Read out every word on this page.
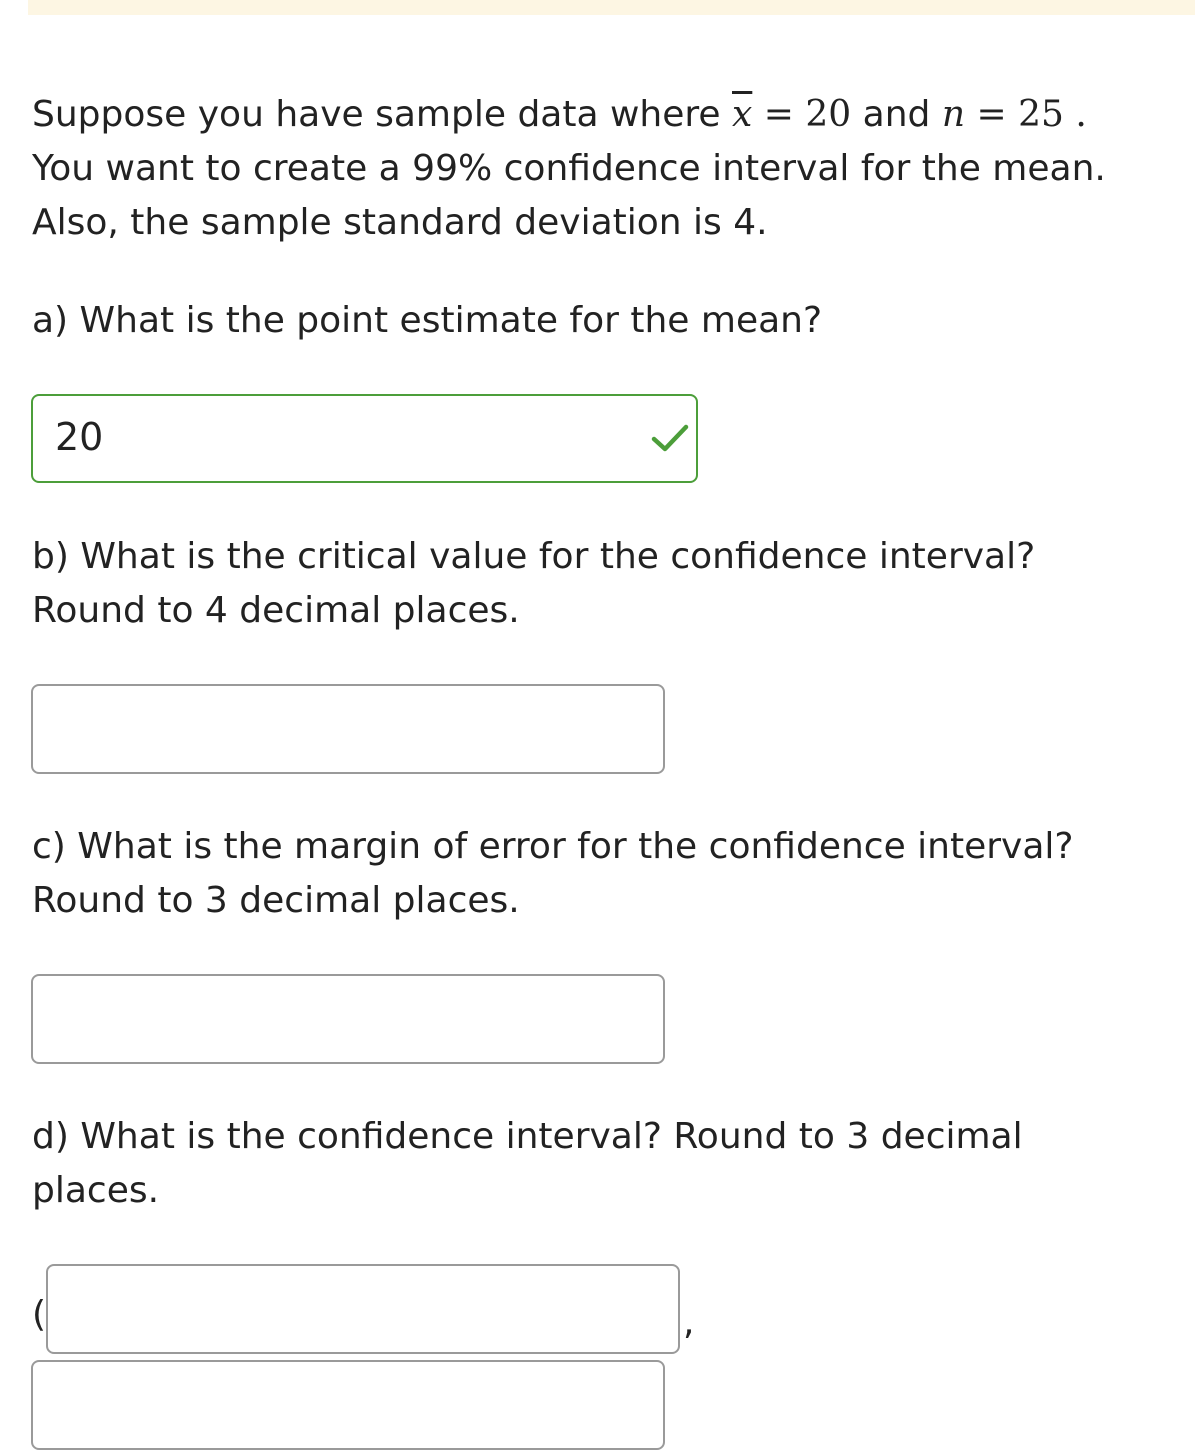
Suppose you have sample data where $\overline{x} = 20$ and n = 25 .
You want to create a 99% confidence interval for the mean.
Also, the sample standard deviation is 4.
a) What is the point estimate for the mean?
20
b) What is the critical value for the confidence interval?
Round to 4 decimal places.
c) What is the margin of error for the confidence interval?
Round to 3 decimal places.
d) What is the confidence interval? Round to 3 decimal
places.
(	,
